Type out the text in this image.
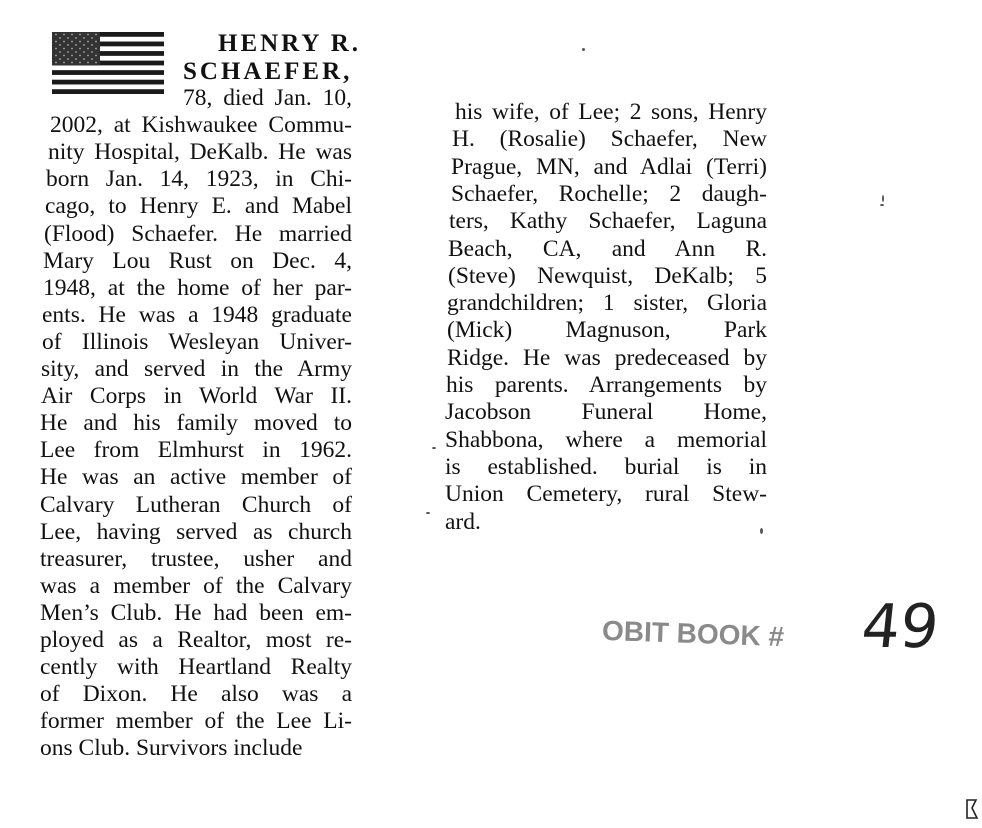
HENRY R.
SCHAEFER,
78, died Jan. 10,
2002, at Kishwaukee Commu-
nity Hospital, DeKalb. He was
born Jan. 14, 1923, in Chi-
cago, to Henry E. and Mabel
(Flood) Schaefer. He married
Mary Lou Rust on Dec. 4,
1948, at the home of her par-
ents. He was a 1948 graduate
of Illinois Wesleyan Univer-
sity, and served in the Army
Air Corps in World War II.
He and his family moved to
Lee from Elmhurst in 1962.
He was an active member of
Calvary Lutheran Church of
Lee, having served as church
treasurer, trustee, usher and
was a member of the Calvary
Men’s Club. He had been em-
ployed as a Realtor, most re-
cently with Heartland Realty
of Dixon. He also was a
former member of the Lee Li-
ons Club. Survivors include
his wife, of Lee; 2 sons, Henry
H. (Rosalie) Schaefer, New
Prague, MN, and Adlai (Terri)
Schaefer, Rochelle; 2 daugh-
ters, Kathy Schaefer, Laguna
Beach, CA, and Ann R.
(Steve) Newquist, DeKalb; 5
grandchildren; 1 sister, Gloria
(Mick) Magnuson, Park
Ridge. He was predeceased by
his parents. Arrangements by
Jacobson Funeral Home,
Shabbona, where a memorial
is established. burial is in
Union Cemetery, rural Stew-
ard.
OBIT BOOK # 49
